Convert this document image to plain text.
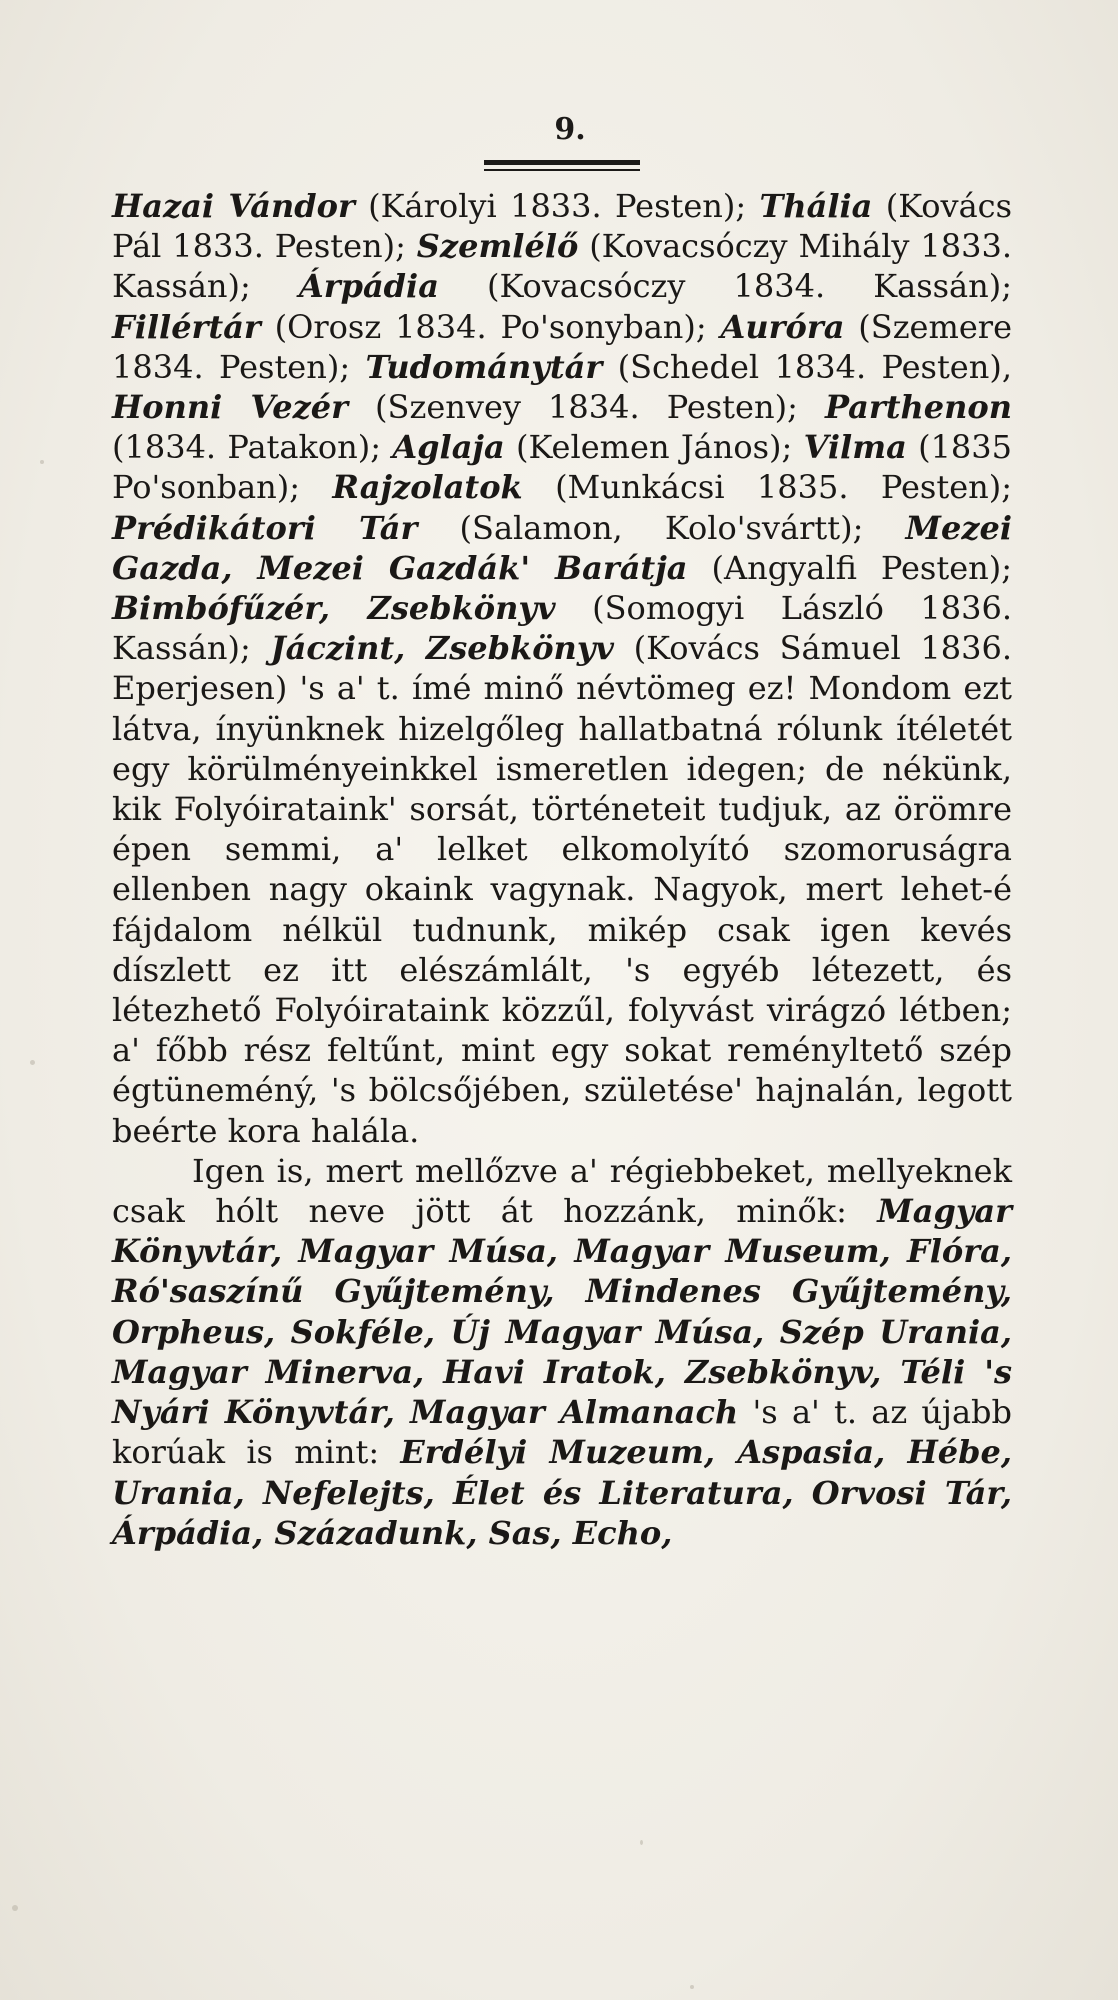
9.

Hazai Vándor (Károlyi 1833. Pesten); Thália (Kovács Pál 1833. Pesten); Szemlélő (Kovacsóczy Mihály 1833. Kassán); Árpádia (Kovacsóczy 1834. Kassán); Fillértár (Orosz 1834. Po'sonyban); Auróra (Szemere 1834. Pesten); Tudománytár (Schedel 1834. Pesten), Honni Vezér (Szenvey 1834. Pesten); Parthenon (1834. Patakon); Aglaja (Kelemen János); Vilma (1835 Po'sonban); Rajzolatok (Munkácsi 1835. Pesten); Prédikátori Tár (Salamon, Kolo'svártt); Mezei Gazda, Mezei Gazdák' Barátja (Angyalfi Pesten); Bimbófűzér, Zsebkönyv (Somogyi László 1836. Kassán); Jáczint, Zsebkönyv (Kovács Sámuel 1836. Eperjesen) 's a' t. ímé minő névtömeg ez! Mondom ezt látva, ínyünknek hizelgőleg hallatbatná rólunk ítéletét egy körülményeinkkel ismeretlen idegen; de nékünk, kik Folyóirataink' sorsát, történeteit tudjuk, az örömre épen semmi, a' lelket elkomolyító szomoruságra ellenben nagy okaink vagynak. Nagyok, mert lehet-é fájdalom nélkül tudnunk, mikép csak igen kevés díszlett ez itt elészámlált, 's egyéb létezett, és létezhető Folyóirataink közzűl, folyvást virágzó létben; a' főbb rész feltűnt, mint egy sokat reményltető szép égtüneméný, 's bölcsőjében, születése' hajnalán, legott beérte kora halála.

Igen is, mert mellőzve a' régiebbeket, mellyeknek csak hólt neve jött át hozzánk, minők: Magyar Könyvtár, Magyar Músa, Magyar Museum, Flóra, Ró'saszínű Gyűjtemény, Mindenes Gyűjtemény, Orpheus, Sokféle, Új Magyar Músa, Szép Urania, Magyar Minerva, Havi Iratok, Zsebkönyv, Téli 's Nyári Könyvtár, Magyar Almanach 's a' t. az újabb korúak is mint: Erdélyi Muzeum, Aspasia, Hébe, Urania, Nefelejts, Élet és Literatura, Orvosi Tár, Árpádia, Századunk, Sas, Echo,
